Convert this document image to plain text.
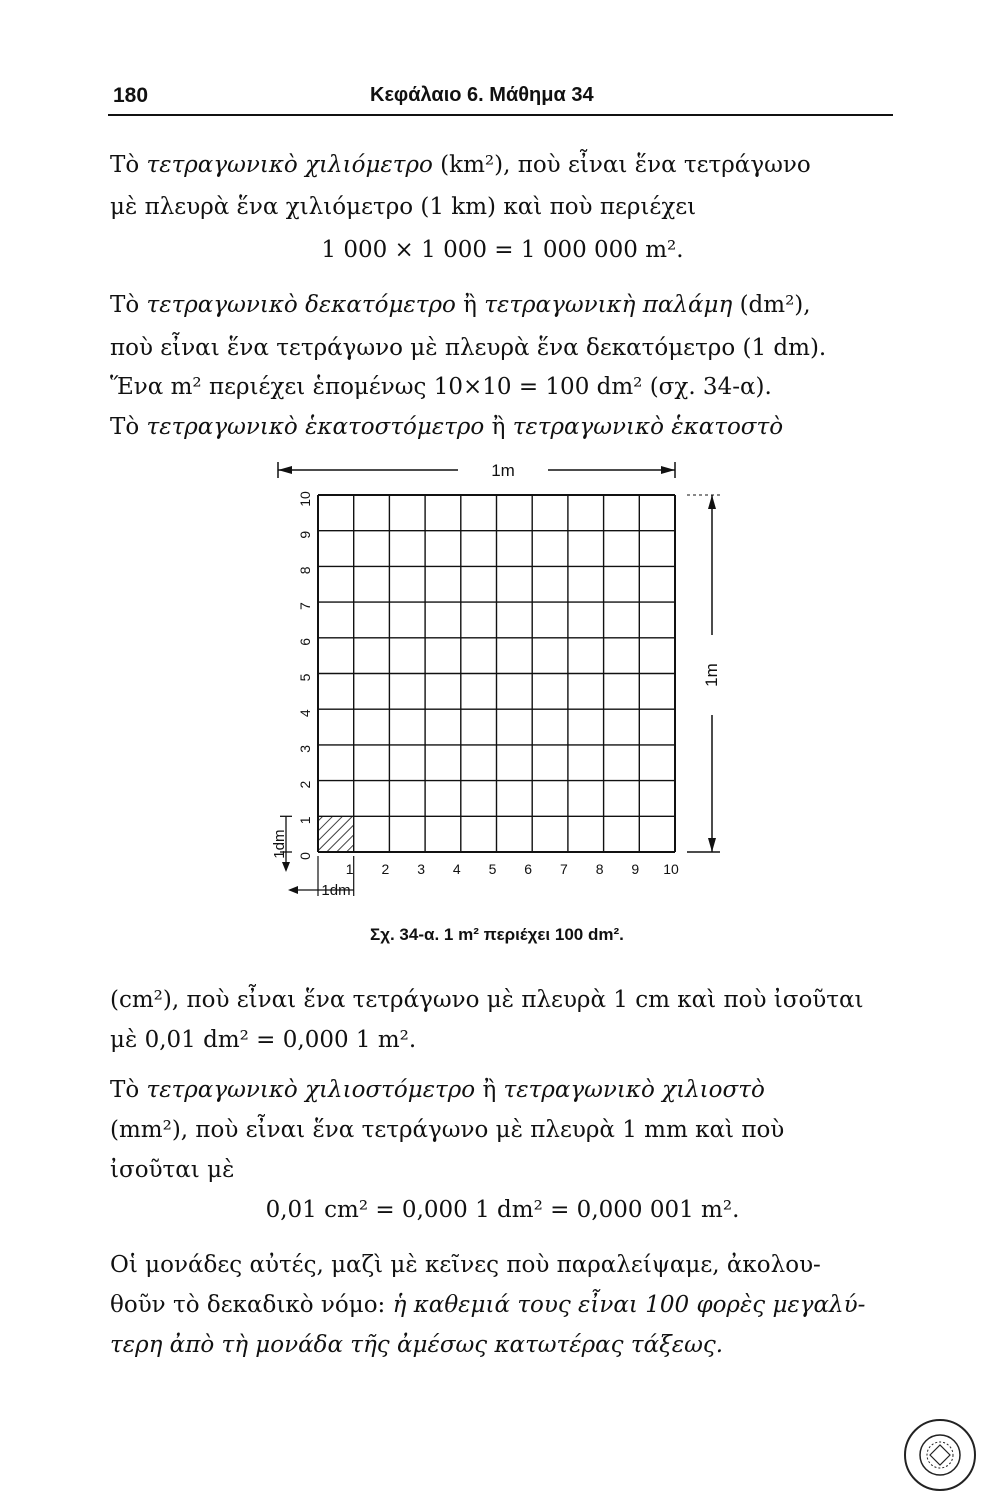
180	Κεφάλαιο 6. Μάθημα 34
Τὸ τετραγωνικὸ χιλιόμετρο (km²), ποὺ εἶναι ἕνα τετράγωνο
μὲ πλευρὰ ἕνα χιλιόμετρο (1 km) καὶ ποὺ περιέχει
1 000 × 1 000 = 1 000 000 m².
Τὸ τετραγωνικὸ δεκατόμετρο ἢ τετραγωνικὴ παλάμη (dm²),
ποὺ εἶναι ἕνα τετράγωνο μὲ πλευρὰ ἕνα δεκατόμετρο (1 dm).
Ἕνα m² περιέχει ἑπομένως 10×10 = 100 dm² (σχ. 34-α).
Τὸ τετραγωνικὸ ἑκατοστόμετρο ἢ τετραγωνικὸ ἑκατοστὸ
1 2 3 4 5 6 7 8 9 10
0
1
2
3
4
5
6
7
8
9
10
1m
1m
1dm
1dm
Σχ. 34-α. 1 m² περιέχει 100 dm².
(cm²), ποὺ εἶναι ἕνα τετράγωνο μὲ πλευρὰ 1 cm καὶ ποὺ ἰσοῦται
μὲ 0,01 dm² = 0,000 1 m².
Τὸ τετραγωνικὸ χιλιοστόμετρο ἢ τετραγωνικὸ χιλιοστὸ
(mm²), ποὺ εἶναι ἕνα τετράγωνο μὲ πλευρὰ 1 mm καὶ ποὺ
ἰσοῦται μὲ
0,01 cm² = 0,000 1 dm² = 0,000 001 m².
Οἱ μονάδες αὐτές, μαζὶ μὲ κεῖνες ποὺ παραλείψαμε, ἀκολου-
θοῦν τὸ δεκαδικὸ νόμο: ἡ καθεμιά τους εἶναι 100 φορὲς μεγαλύ-
τερη ἀπὸ τὴ μονάδα τῆς ἀμέσως κατωτέρας τάξεως.
